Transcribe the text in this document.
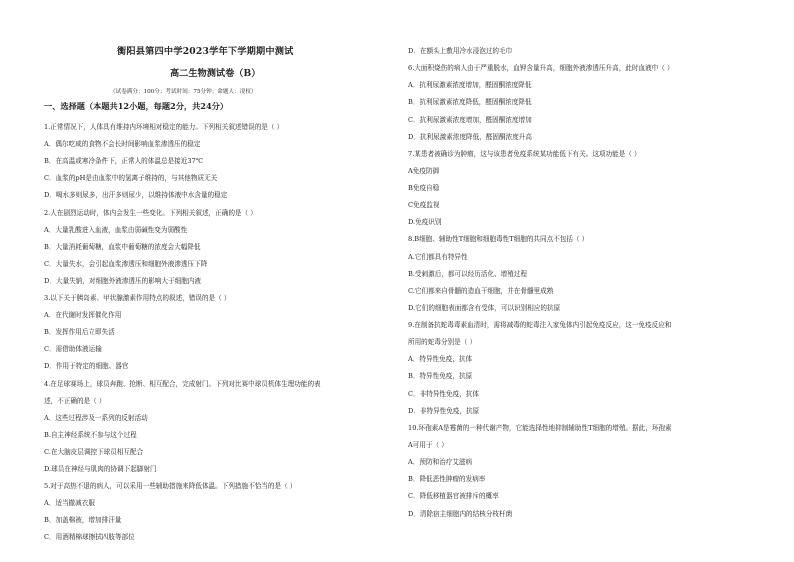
衡阳县第四中学2023学年下学期期中测试
高二生物测试卷（B）
（试卷满分：100分；考试时间：75分钟；命题人：凌杈）
一、选择题（本题共12小题，每题2分，共24分）
1.正常情况下，人体具有维持内环境相对稳定的能力。下列相关叙述错误的是（ ）
A．偶尔吃咸的食物不会长时间影响血浆渗透压的稳定
B．在高温或寒冷条件下，正常人的体温总是接近37℃
C．血浆的pH是由血浆中的氢离子维持的，与其他物质无关
D．喝水多则尿多，出汗多则尿少，以维持体液中水含量的稳定
2.人在剧烈运动时，体内会发生一些变化。下列相关叙述，正确的是（ ）
A．大量乳酸进入血液，血浆由弱碱性变为弱酸性
B．大量消耗葡萄糖，血浆中葡萄糖的浓度会大幅降低
C．大量失水，会引起血浆渗透压和细胞外液渗透压下降
D．大量失钠，对细胞外液渗透压的影响大于细胞内液
3.以下关于胰岛素、甲状腺激素作用特点的叙述，错误的是（ ）
A．在代谢时发挥催化作用
B．发挥作用后立即失活
C．需借助体液运输
D．作用于特定的细胞、器官
4.在足球赛场上，球员奔跑、抢断、相互配合，完成射门。下列对比赛中球员机体生理功能的表
述，不正确的是（ ）
A．这些过程涉及一系列的反射活动
B.自主神经系统不参与这个过程
C.在大脑皮层调控下球员相互配合
D.球员在神经与肌肉的协调下起脚射门
5.对于高热不退的病人，可以采用一些辅助措施来降低体温。下列措施不恰当的是（ ）
A．适当撤减衣服
B．加盖棉被，增加排汗量
C．用酒精棉球擦拭四肢等部位
D．在额头上敷用冷水浸泡过的毛巾
6.大面积烧伤的病人由于严重脱水，血钾含量升高，细胞外液渗透压升高，此时血液中（ ）
A．抗利尿激素浓度增加，醛固酮浓度降低
B．抗利尿激素浓度降低，醛固酮浓度降低
C．抗利尿激素浓度增加，醛固酮浓度增加
D．抗利尿激素浓度降低，醛固酮浓度升高
7.某患者被确诊为肿瘤，这与该患者免疫系统某功能低下有关。这项功能是（ ）
A免疫防御
B免疫自稳
C免疫监视
D.免疫识别
8.B细胞、辅助性T细胞和细胞毒性T细胞的共同点不包括（ ）
A.它们都具有特异性
B.受刺激后，都可以经历活化、增殖过程
C.它们都来自骨髓的造血干细胞，并在骨髓里成熟
D.它们的细胞表面都含有受体，可以识别相应的抗原
9.在制备抗蛇毒毒素血清时，需将减毒的蛇毒注入家兔体内引起免疫反应，这一免疫反应和
所用的蛇毒分别是（ ）
A．特异性免疫，抗体
B．特异性免疫，抗原
C．非特异性免疫，抗体
D．非特异性免疫，抗原
10.环孢素A是霉菌的一种代谢产物，它能选择性地抑制辅助性T细胞的增殖。据此，环孢素
A可用于（ ）
A．预防和治疗艾滋病
B．降低恶性肿瘤的发病率
C．降低移植器官被排斥的概率
D．清除宿主细胞内的结核分枝杆菌
